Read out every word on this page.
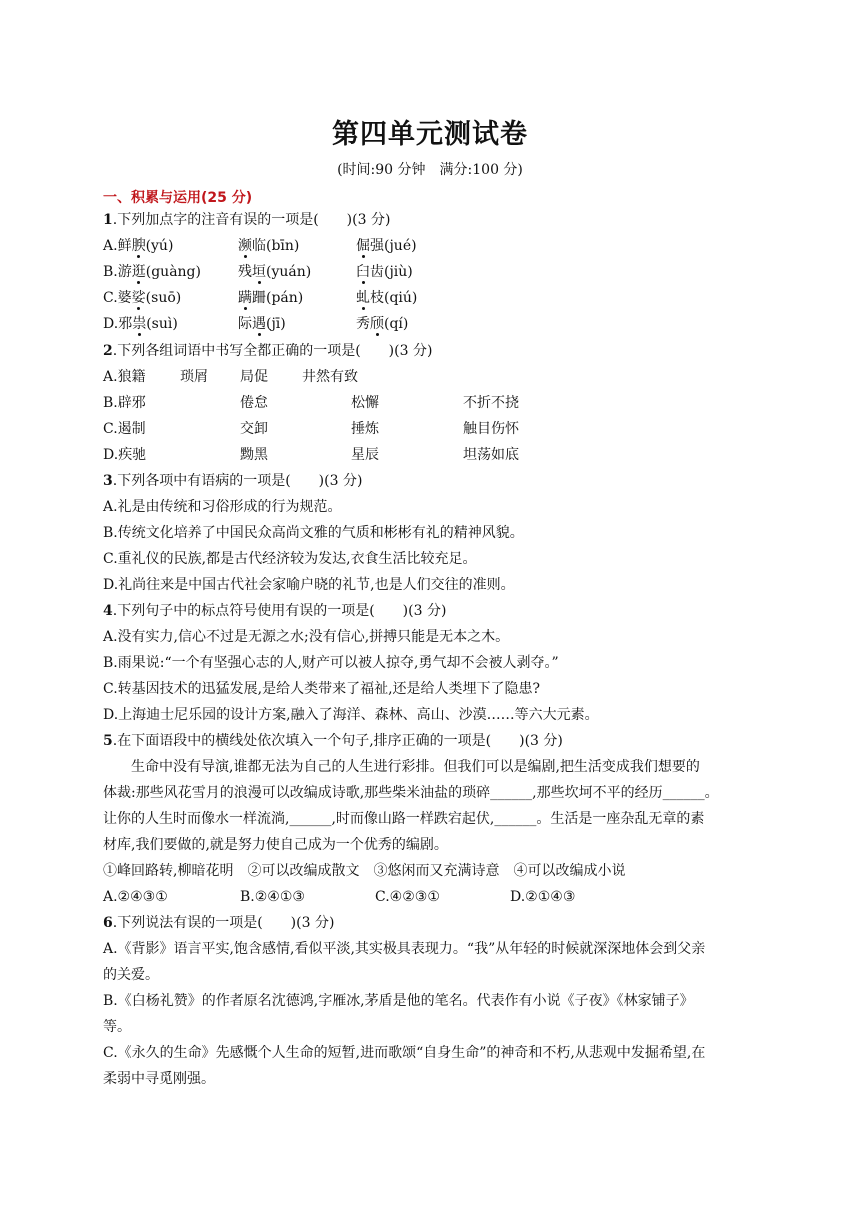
第四单元测试卷
(时间:90 分钟　满分:100 分)
一、积累与运用(25 分)
1.下列加点字的注音有误的一项是(　　)(3 分)
A.鲜腴(yú)	濒临(bīn)	倔强(jué)
B.游逛(guàng)	残垣(yuán)	臼齿(jiù)
C.婆娑(suō)	蹒跚(pán)	虬枝(qiú)
D.邪祟(suì)	际遇(jī)	秀颀(qí)
2.下列各组词语中书写全都正确的一项是(　　)(3 分)
A.狼籍 琐屑 局促 井然有致
B.辟邪	倦怠	松懈	不折不挠
C.遏制	交卸	捶炼	触目伤怀
D.疾驰	黝黑	星辰	坦荡如底
3.下列各项中有语病的一项是(　　)(3 分)
A.礼是由传统和习俗形成的行为规范。
B.传统文化培养了中国民众高尚文雅的气质和彬彬有礼的精神风貌。
C.重礼仪的民族,都是古代经济较为发达,衣食生活比较充足。
D.礼尚往来是中国古代社会家喻户晓的礼节,也是人们交往的准则。
4.下列句子中的标点符号使用有误的一项是(　　)(3 分)
A.没有实力,信心不过是无源之水;没有信心,拼搏只能是无本之木。
B.雨果说:“一个有坚强心志的人,财产可以被人掠夺,勇气却不会被人剥夺。”
C.转基因技术的迅猛发展,是给人类带来了福祉,还是给人类埋下了隐患?
D.上海迪士尼乐园的设计方案,融入了海洋、森林、高山、沙漠……等六大元素。
5.在下面语段中的横线处依次填入一个句子,排序正确的一项是(　　)(3 分)
　　生命中没有导演,谁都无法为自己的人生进行彩排。但我们可以是编剧,把生活变成我们想要的
体裁:那些风花雪月的浪漫可以改编成诗歌,那些柴米油盐的琐碎______,那些坎坷不平的经历______。
让你的人生时而像水一样流淌,______,时而像山路一样跌宕起伏,______。生活是一座杂乱无章的素
材库,我们要做的,就是努力使自己成为一个优秀的编剧。
①峰回路转,柳暗花明　②可以改编成散文　③悠闲而又充满诗意　④可以改编成小说
A.②④③①	B.②④①③	C.④②③①	D.②①④③
6.下列说法有误的一项是(　　)(3 分)
A.《背影》语言平实,饱含感情,看似平淡,其实极具表现力。“我”从年轻的时候就深深地体会到父亲
的关爱。
B.《白杨礼赞》的作者原名沈德鸿,字雁冰,茅盾是他的笔名。代表作有小说《子夜》《林家铺子》
等。
C.《永久的生命》先感慨个人生命的短暂,进而歌颂“自身生命”的神奇和不朽,从悲观中发掘希望,在
柔弱中寻觅刚强。
